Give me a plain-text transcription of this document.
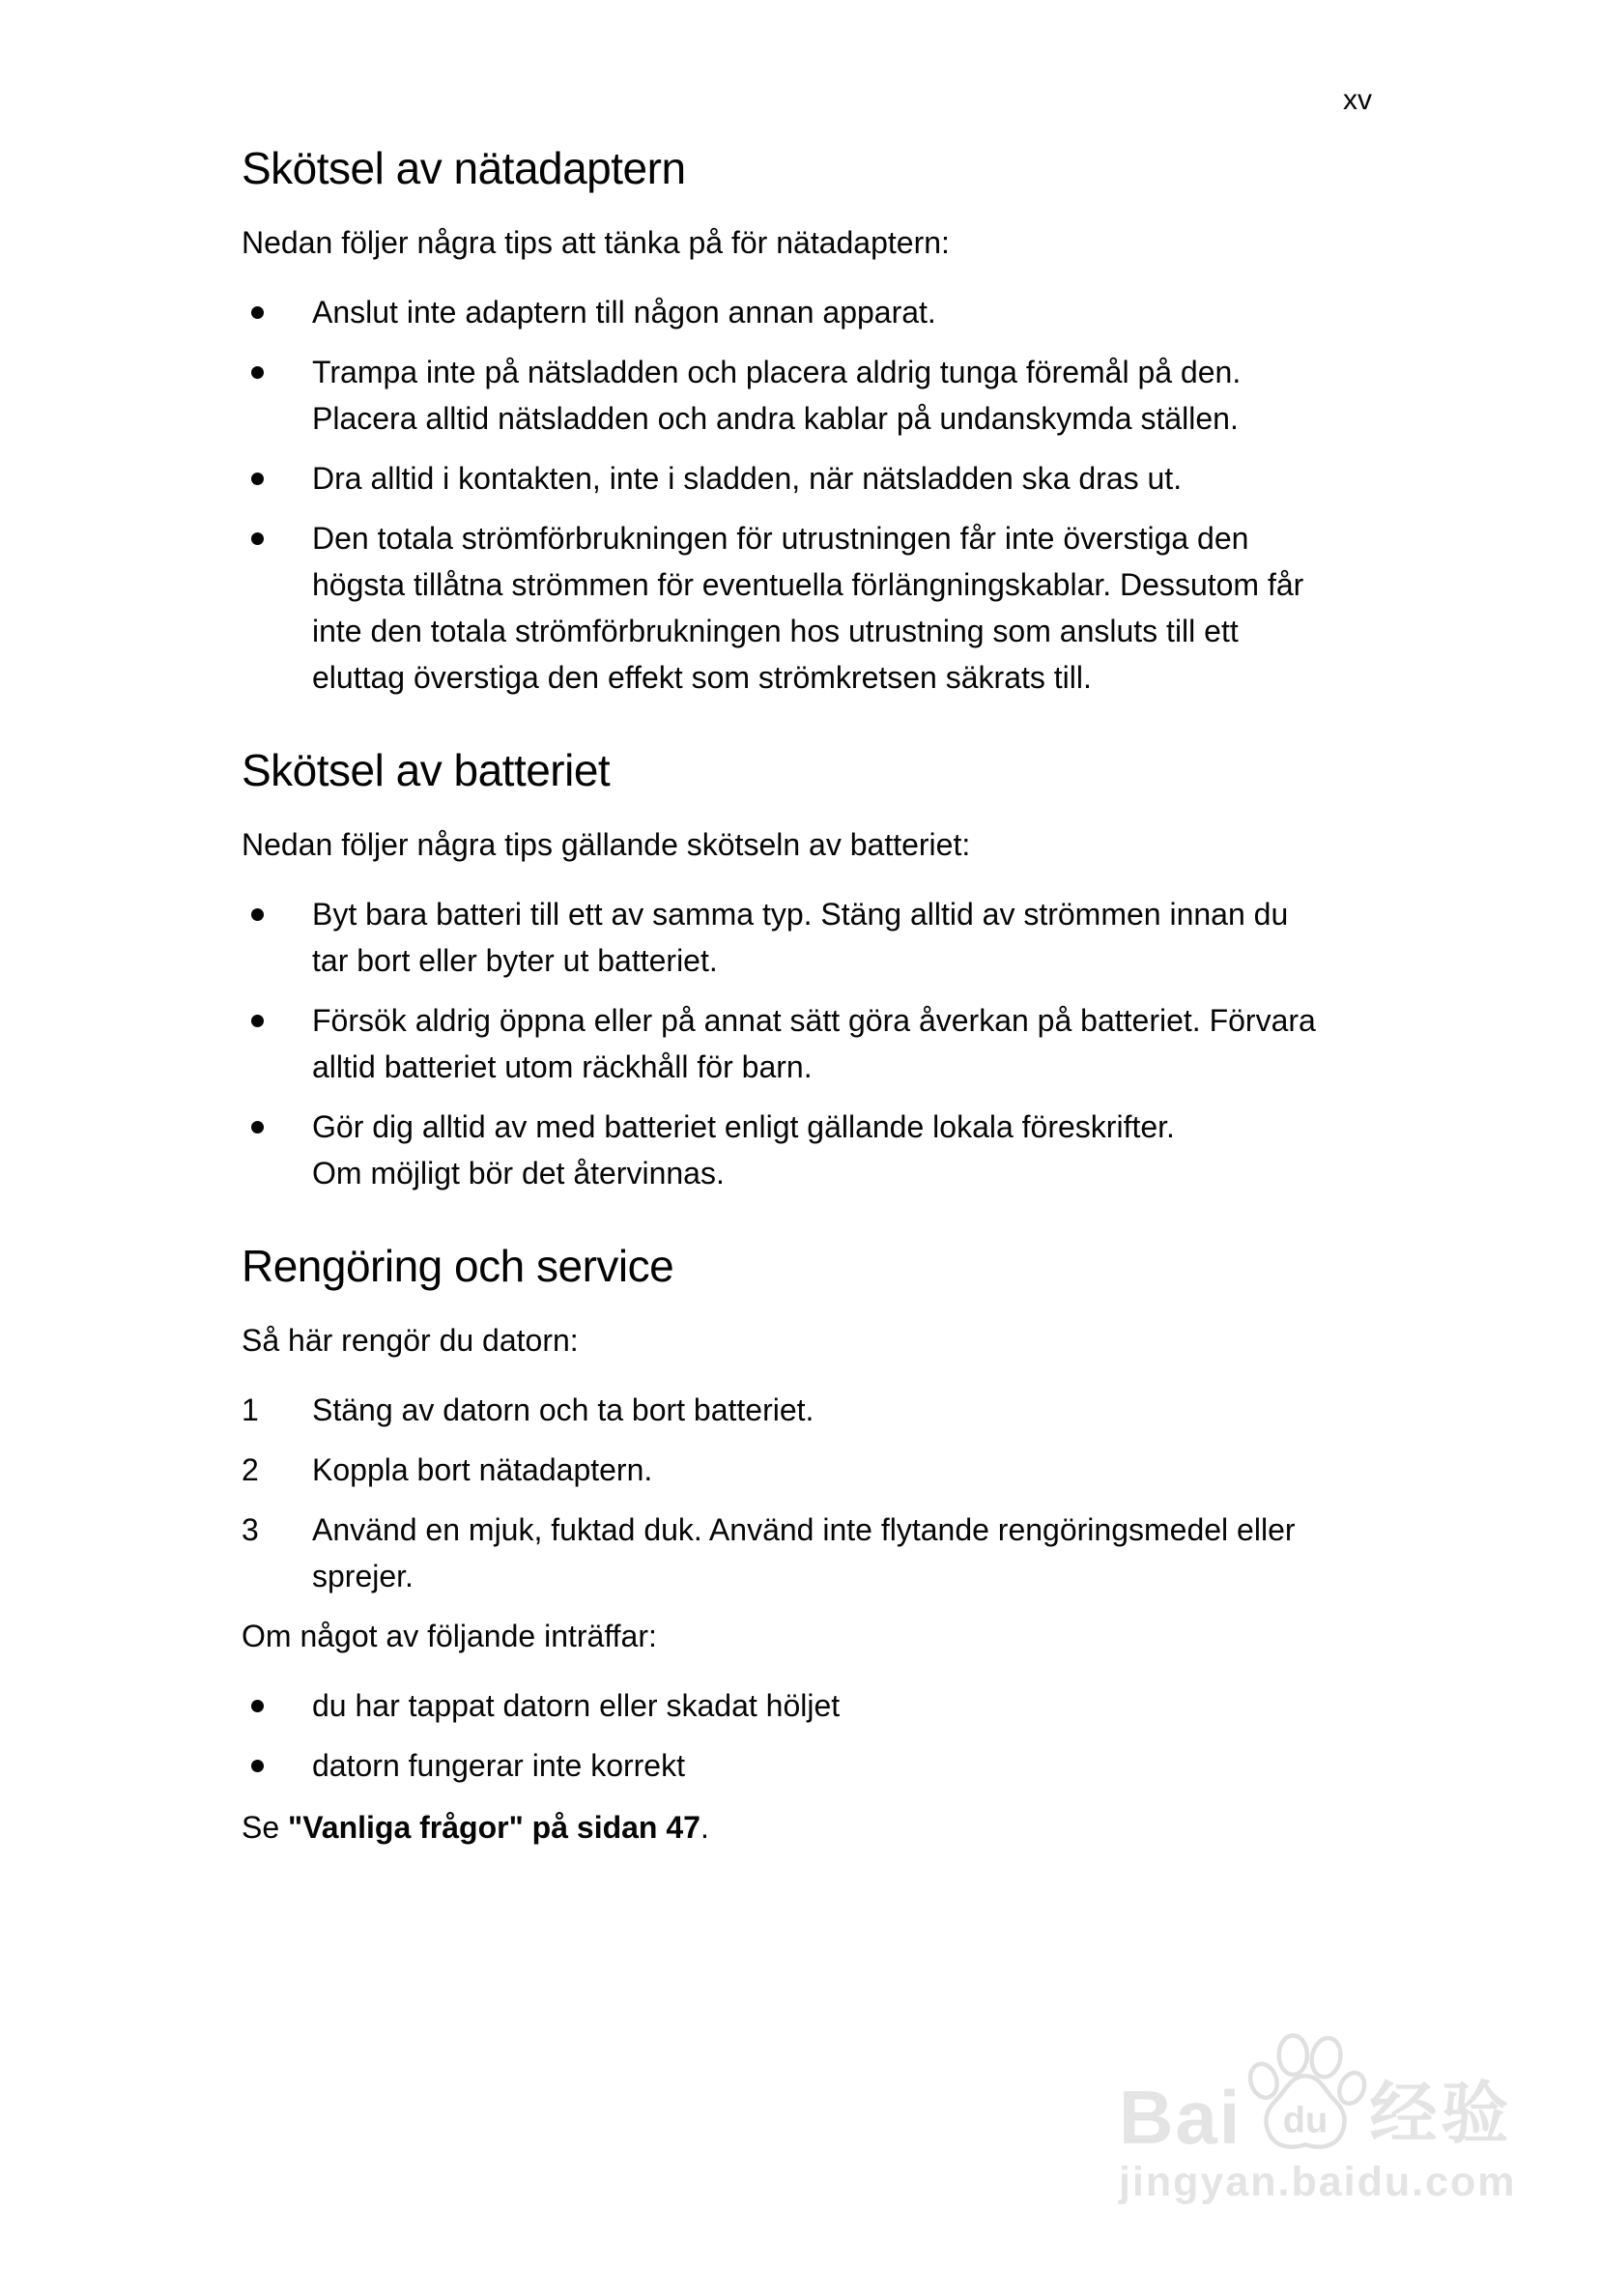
xv
Skötsel av nätadaptern

Nedan följer några tips att tänka på för nätadaptern:

Anslut inte adaptern till någon annan apparat.
Trampa inte på nätsladden och placera aldrig tunga föremål på den.
Placera alltid nätsladden och andra kablar på undanskymda ställen.
Dra alltid i kontakten, inte i sladden, när nätsladden ska dras ut.
Den totala strömförbrukningen för utrustningen får inte överstiga den
högsta tillåtna strömmen för eventuella förlängningskablar. Dessutom får
inte den totala strömförbrukningen hos utrustning som ansluts till ett
eluttag överstiga den effekt som strömkretsen säkrats till.
Skötsel av batteriet

Nedan följer några tips gällande skötseln av batteriet:

Byt bara batteri till ett av samma typ. Stäng alltid av strömmen innan du
tar bort eller byter ut batteriet.
Försök aldrig öppna eller på annat sätt göra åverkan på batteriet. Förvara
alltid batteriet utom räckhåll för barn.
Gör dig alltid av med batteriet enligt gällande lokala föreskrifter.
Om möjligt bör det återvinnas.
Rengöring och service

Så här rengör du datorn:

1	Stäng av datorn och ta bort batteriet.
2	Koppla bort nätadaptern.
3	Använd en mjuk, fuktad duk. Använd inte flytande rengöringsmedel eller
sprejer.

Om något av följande inträffar:

du har tappat datorn eller skadat höljet
datorn fungerar inte korrekt

Se "Vanliga frågor" på sidan 47.

Bai du 经验
jingyan.baidu.com
